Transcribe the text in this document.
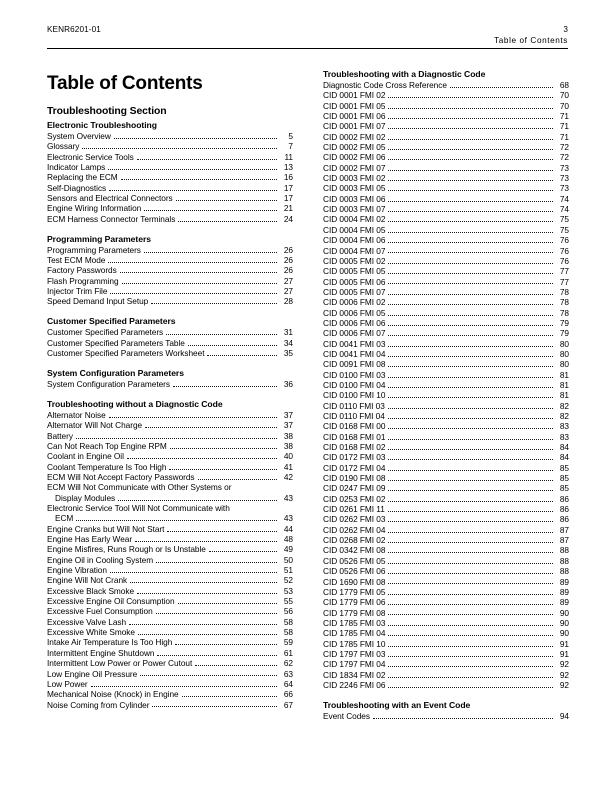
KENR6201-01	3
Table of Contents
Table of Contents
Troubleshooting Section
Electronic Troubleshooting
System Overview	5
Glossary	7
Electronic Service Tools	11
Indicator Lamps	13
Replacing the ECM	16
Self-Diagnostics	17
Sensors and Electrical Connectors	17
Engine Wiring Information	21
ECM Harness Connector Terminals	24
Programming Parameters
Programming Parameters	26
Test ECM Mode	26
Factory Passwords	26
Flash Programming	27
Injector Trim File	27
Speed Demand Input Setup	28
Customer Specified Parameters
Customer Specified Parameters	31
Customer Specified Parameters Table	34
Customer Specified Parameters Worksheet	35
System Configuration Parameters
System Configuration Parameters	36
Troubleshooting without a Diagnostic Code
Alternator Noise	37
Alternator Will Not Charge	37
Battery	38
Can Not Reach Top Engine RPM	38
Coolant in Engine Oil	40
Coolant Temperature Is Too High	41
ECM Will Not Accept Factory Passwords	42
ECM Will Not Communicate with Other Systems or
Display Modules	43
Electronic Service Tool Will Not Communicate with
ECM	43
Engine Cranks but Will Not Start	44
Engine Has Early Wear	48
Engine Misfires, Runs Rough or Is Unstable	49
Engine Oil in Cooling System	50
Engine Vibration	51
Engine Will Not Crank	52
Excessive Black Smoke	53
Excessive Engine Oil Consumption	55
Excessive Fuel Consumption	56
Excessive Valve Lash	58
Excessive White Smoke	58
Intake Air Temperature Is Too High	59
Intermittent Engine Shutdown	61
Intermittent Low Power or Power Cutout	62
Low Engine Oil Pressure	63
Low Power	64
Mechanical Noise (Knock) in Engine	66
Noise Coming from Cylinder	67
Troubleshooting with a Diagnostic Code
Diagnostic Code Cross Reference	68
CID 0001 FMI 02	70
CID 0001 FMI 05	70
CID 0001 FMI 06	71
CID 0001 FMI 07	71
CID 0002 FMI 02	71
CID 0002 FMI 05	72
CID 0002 FMI 06	72
CID 0002 FMI 07	73
CID 0003 FMI 02	73
CID 0003 FMI 05	73
CID 0003 FMI 06	74
CID 0003 FMI 07	74
CID 0004 FMI 02	75
CID 0004 FMI 05	75
CID 0004 FMI 06	76
CID 0004 FMI 07	76
CID 0005 FMI 02	76
CID 0005 FMI 05	77
CID 0005 FMI 06	77
CID 0005 FMI 07	78
CID 0006 FMI 02	78
CID 0006 FMI 05	78
CID 0006 FMI 06	79
CID 0006 FMI 07	79
CID 0041 FMI 03	80
CID 0041 FMI 04	80
CID 0091 FMI 08	80
CID 0100 FMI 03	81
CID 0100 FMI 04	81
CID 0100 FMI 10	81
CID 0110 FMI 03	82
CID 0110 FMI 04	82
CID 0168 FMI 00	83
CID 0168 FMI 01	83
CID 0168 FMI 02	84
CID 0172 FMI 03	84
CID 0172 FMI 04	85
CID 0190 FMI 08	85
CID 0247 FMI 09	85
CID 0253 FMI 02	86
CID 0261 FMI 11	86
CID 0262 FMI 03	86
CID 0262 FMI 04	87
CID 0268 FMI 02	87
CID 0342 FMI 08	88
CID 0526 FMI 05	88
CID 0526 FMI 06	88
CID 1690 FMI 08	89
CID 1779 FMI 05	89
CID 1779 FMI 06	89
CID 1779 FMI 08	90
CID 1785 FMI 03	90
CID 1785 FMI 04	90
CID 1785 FMI 10	91
CID 1797 FMI 03	91
CID 1797 FMI 04	92
CID 1834 FMI 02	92
CID 2246 FMI 06	92
Troubleshooting with an Event Code
Event Codes	94
